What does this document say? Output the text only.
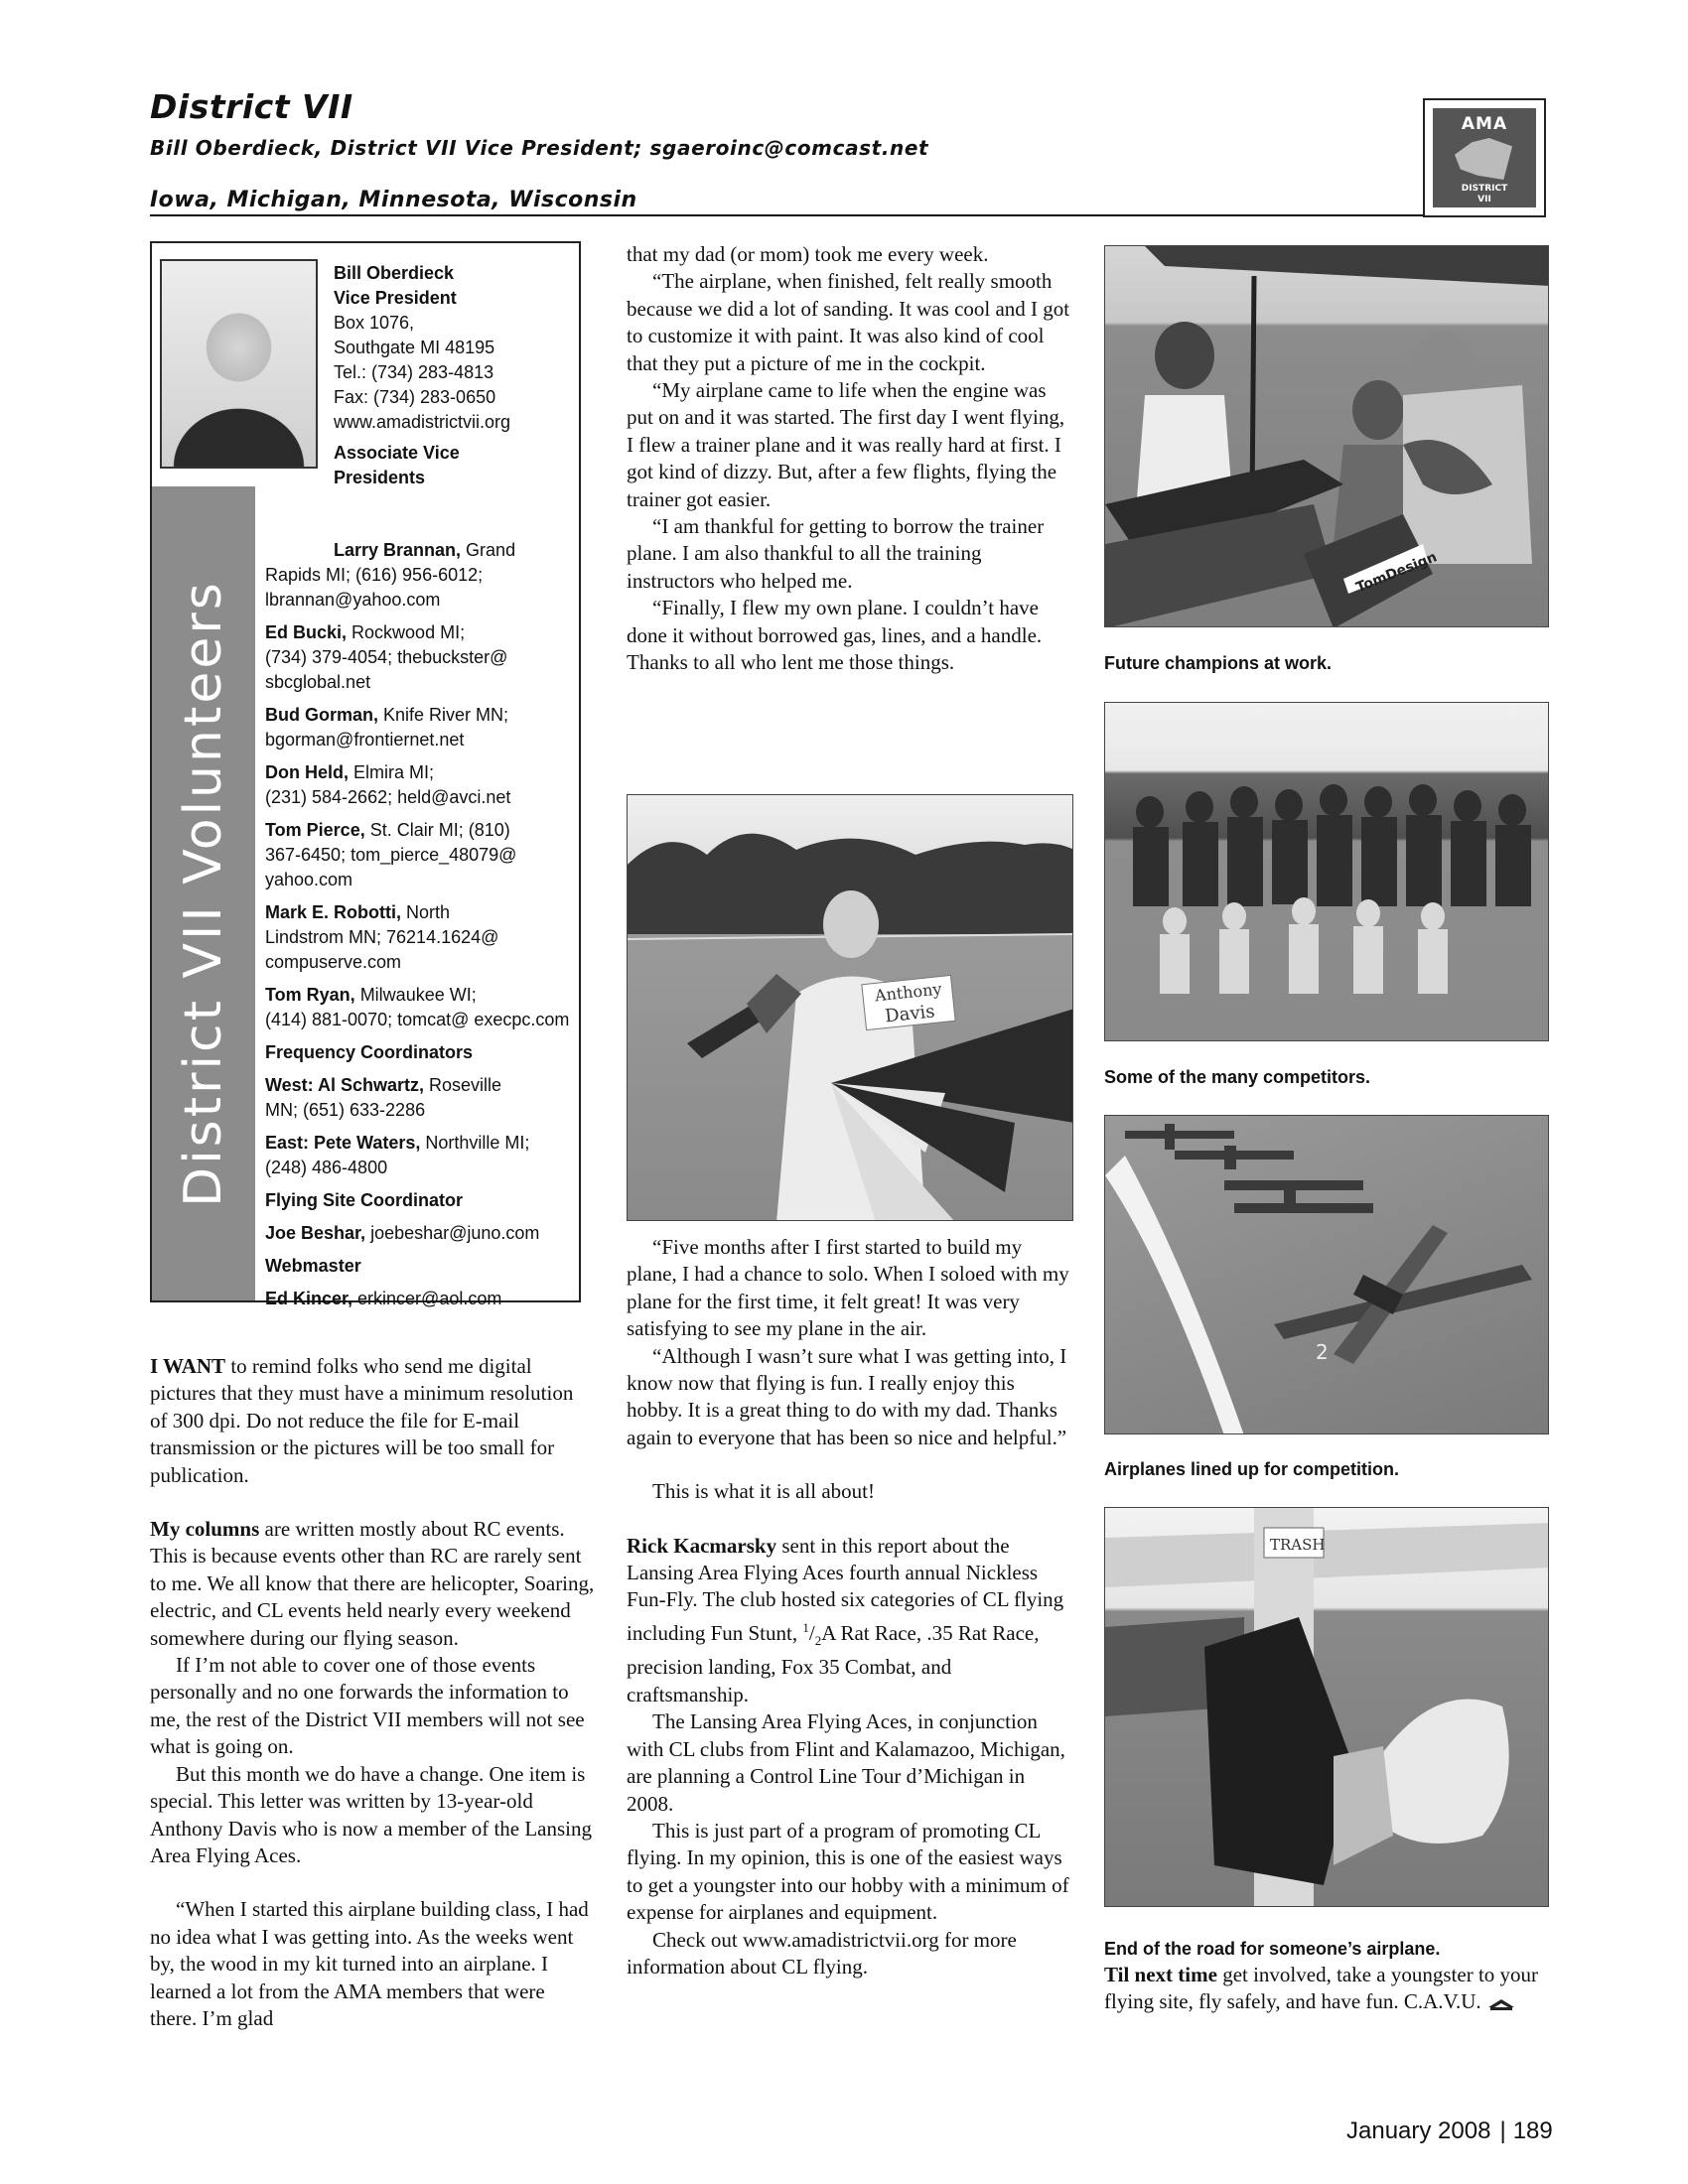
District VII
Bill Oberdieck, District VII Vice President; sgaeroinc@comcast.net
Iowa, Michigan, Minnesota, Wisconsin
AMA
DISTRICT
VII
District VII Volunteers
Bill Oberdieck
Vice President
Box 1076,
Southgate MI 48195
Tel.: (734) 283-4813
Fax: (734) 283-0650
www.amadistrictvii.org
Associate Vice
Presidents
Larry Brannan, Grand
Rapids MI; (616) 956-6012; lbrannan@yahoo.com
Ed Bucki, Rockwood MI;
(734) 379-4054; thebuckster@ sbcglobal.net
Bud Gorman, Knife River MN;
bgorman@frontiernet.net
Don Held, Elmira MI;
(231) 584-2662; held@avci.net
Tom Pierce, St. Clair MI; (810)
367-6450; tom_pierce_48079@ yahoo.com
Mark E. Robotti, North
Lindstrom MN; 76214.1624@ compuserve.com
Tom Ryan, Milwaukee WI;
(414) 881-0070; tomcat@ execpc.com
Frequency Coordinators
West: Al Schwartz, Roseville
MN; (651) 633-2286
East: Pete Waters, Northville MI;
(248) 486-4800
Flying Site Coordinator
Joe Beshar, joebeshar@juno.com
Webmaster
Ed Kincer, erkincer@aol.com

I WANT to remind folks who send me digital pictures that they must have a minimum resolution of 300 dpi. Do not reduce the file for E-mail transmission or the pictures will be too small for publication.

My columns are written mostly about RC events. This is because events other than RC are rarely sent to me. We all know that there are helicopter, Soaring, electric, and CL events held nearly every weekend somewhere during our flying season.

If I’m not able to cover one of those events personally and no one forwards the information to me, the rest of the District VII members will not see what is going on.

But this month we do have a change. One item is special. This letter was written by 13-year-old Anthony Davis who is now a member of the Lansing Area Flying Aces.

“When I started this airplane building class, I had no idea what I was getting into. As the weeks went by, the wood in my kit turned into an airplane. I learned a lot from the AMA members that were there. I’m glad

that my dad (or mom) took me every week.

“The airplane, when finished, felt really smooth because we did a lot of sanding. It was cool and I got to customize it with paint. It was also kind of cool that they put a picture of me in the cockpit.

“My airplane came to life when the engine was put on and it was started. The first day I went flying, I flew a trainer plane and it was really hard at first. I got kind of dizzy. But, after a few flights, flying the trainer got easier.

“I am thankful for getting to borrow the trainer plane. I am also thankful to all the training instructors who helped me.

“Finally, I flew my own plane. I couldn’t have done it without borrowed gas, lines, and a handle. Thanks to all who lent me those things.

Anthony
Davis

“Five months after I first started to build my plane, I had a chance to solo. When I soloed with my plane for the first time, it felt great! It was very satisfying to see my plane in the air.

“Although I wasn’t sure what I was getting into, I know now that flying is fun. I really enjoy this hobby. It is a great thing to do with my dad. Thanks again to everyone that has been so nice and helpful.”

This is what it is all about!

Rick Kacmarsky sent in this report about the Lansing Area Flying Aces fourth annual Nickless Fun-Fly. The club hosted six categories of CL flying including Fun Stunt, $^1/_2A$ Rat Race, .35 Rat Race, precision landing, Fox 35 Combat, and craftsmanship.

The Lansing Area Flying Aces, in conjunction with CL clubs from Flint and Kalamazoo, Michigan, are planning a Control Line Tour d’Michigan in 2008.

This is just part of a program of promoting CL flying. In my opinion, this is one of the easiest ways to get a youngster into our hobby with a minimum of expense for airplanes and equipment.

Check out www.amadistrictvii.org for more information about CL flying.

TomDesign
Future champions at work.
Some of the many competitors.
2
Airplanes lined up for competition.
TRASH
End of the road for someone’s airplane.

Til next time get involved, take a youngster to your flying site, fly safely, and have fun. C.A.V.U.

January 2008 | 189
